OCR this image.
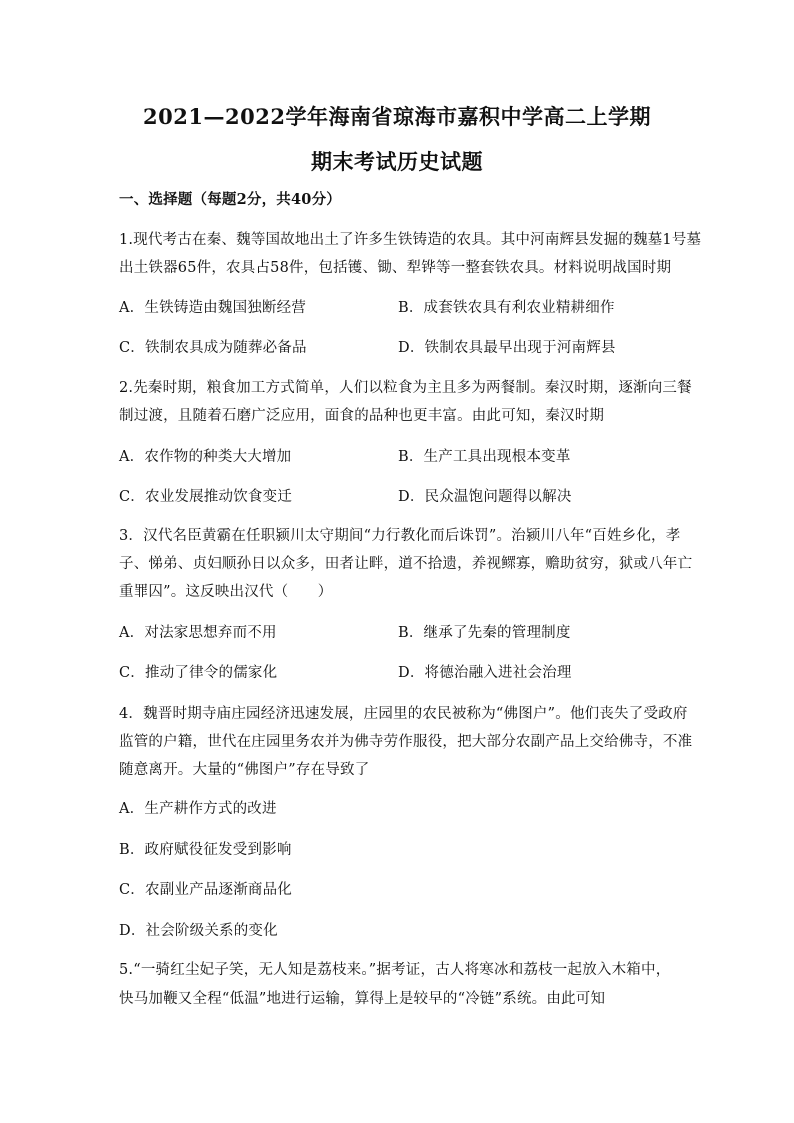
2021—2022学年海南省琼海市嘉积中学高二上学期
期末考试历史试题
一、选择题（每题2分，共40分）
1.现代考古在秦、魏等国故地出土了许多生铁铸造的农具。其中河南辉县发掘的魏墓1号墓
出土铁器65件，农具占58件，包括镬、锄、犁铧等一整套铁农具。材料说明战国时期
A．生铁铸造由魏国独断经营	B．成套铁农具有利农业精耕细作
C．铁制农具成为随葬必备品	D．铁制农具最早出现于河南辉县
2.先秦时期，粮食加工方式简单，人们以粒食为主且多为两餐制。秦汉时期，逐渐向三餐
制过渡，且随着石磨广泛应用，面食的品种也更丰富。由此可知，秦汉时期
A．农作物的种类大大增加	B．生产工具出现根本变革
C．农业发展推动饮食变迁	D．民众温饱问题得以解决
3．汉代名臣黄霸在任职颍川太守期间“力行教化而后诛罚”。治颍川八年“百姓乡化，孝
子、悌弟、贞妇顺孙日以众多，田者让畔，道不拾遗，养视鳏寡，赡助贫穷，狱或八年亡
重罪囚”。这反映出汉代（　　）
A．对法家思想弃而不用	B．继承了先秦的管理制度
C．推动了律令的儒家化	D．将德治融入进社会治理
4．魏晋时期寺庙庄园经济迅速发展，庄园里的农民被称为“佛图户”。他们丧失了受政府
监管的户籍，世代在庄园里务农并为佛寺劳作服役，把大部分农副产品上交给佛寺，不准
随意离开。大量的“佛图户”存在导致了
A．生产耕作方式的改进
B．政府赋役征发受到影响
C．农副业产品逐渐商品化
D．社会阶级关系的变化
5.“一骑红尘妃子笑，无人知是荔枝来。”据考证，古人将寒冰和荔枝一起放入木箱中，
快马加鞭又全程“低温”地进行运输，算得上是较早的“冷链”系统。由此可知
